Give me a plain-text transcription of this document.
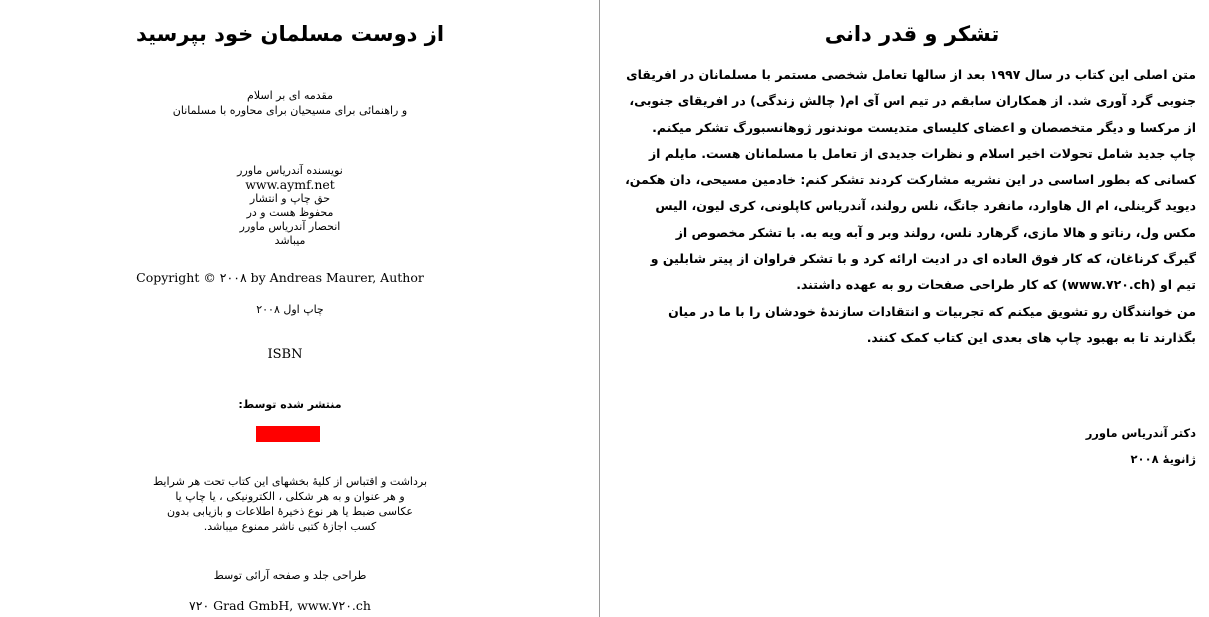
از دوست مسلمان خود بپرسید
مقدمه ای بر اسلام
و راهنمائی برای مسیحیان برای محاوره با مسلمانان
نویسنده آندریاس ماورر
www.aymf.net
حق چاپ و انتشار
محفوظ هست و در
انحصار آندریاس ماورر
میباشد
Copyright © ۲۰۰۸ by Andreas Maurer, Author
چاپ اول ۲۰۰۸
ISBN
منتشر شده توسط:
برداشت و اقتباس از کلیهٔ بخشهای این کتاب تحت هر شرایط
و هر عنوان و به هر شکلی ، الکترونیکی ، یا چاپ یا
عکاسی ضبط یا هر نوع ذخیرهٔ اطلاعات و بازیابی بدون
کسب اجازهٔ کتبی ناشر ممنوع میباشد.
طراحی جلد و صفحه آرائی توسط
۷۲۰ Grad GmbH, www.۷۲۰.ch
تشکر و قدر دانی
متن اصلی این کتاب در سال ۱۹۹۷ بعد از سالها تعامل شخصی مستمر با مسلمانان در افریقای
جنوبی گرد آوری شد. از همکاران سابقم در تیم اس آی ام( چالش زندگی) در افریقای جنوبی،
از مرکسا و دیگر متخصصان و اعضای کلیسای متدیست موندنور ژوهانسبورگ تشکر میکنم.
چاپ جدید شامل تحولات اخیر اسلام و نظرات جدیدی از تعامل با مسلمانان هست. مایلم از
کسانی که بطور اساسی در این نشریه مشارکت کردند تشکر کنم: خادمین مسیحی، دان هکمن،
دیوید گرینلی، ام ال هاوارد، مانفرد جانگ، نلس رولند، آندریاس کاپلونی، کری لیون، الیس
مکس ول، رناتو و هالا مازی، گرهارد نلس، رولند وبر و آبه ویه به. با تشکر مخصوص از
گیرگ کرناغان، که کار فوق العاده ای در ادیت ارائه کرد و با تشکر فراوان از پیتر شابلین و
تیم او (www.۷۲۰.ch) که کار طراحی صفحات رو به عهده داشتند.
من خوانندگان رو تشویق میکنم که تجربیات و انتقادات سازندهٔ خودشان را با ما در میان
بگذارند تا به بهبود چاپ های بعدی این کتاب کمک کنند.
دکتر آندریاس ماورر
ژانویهٔ ۲۰۰۸
